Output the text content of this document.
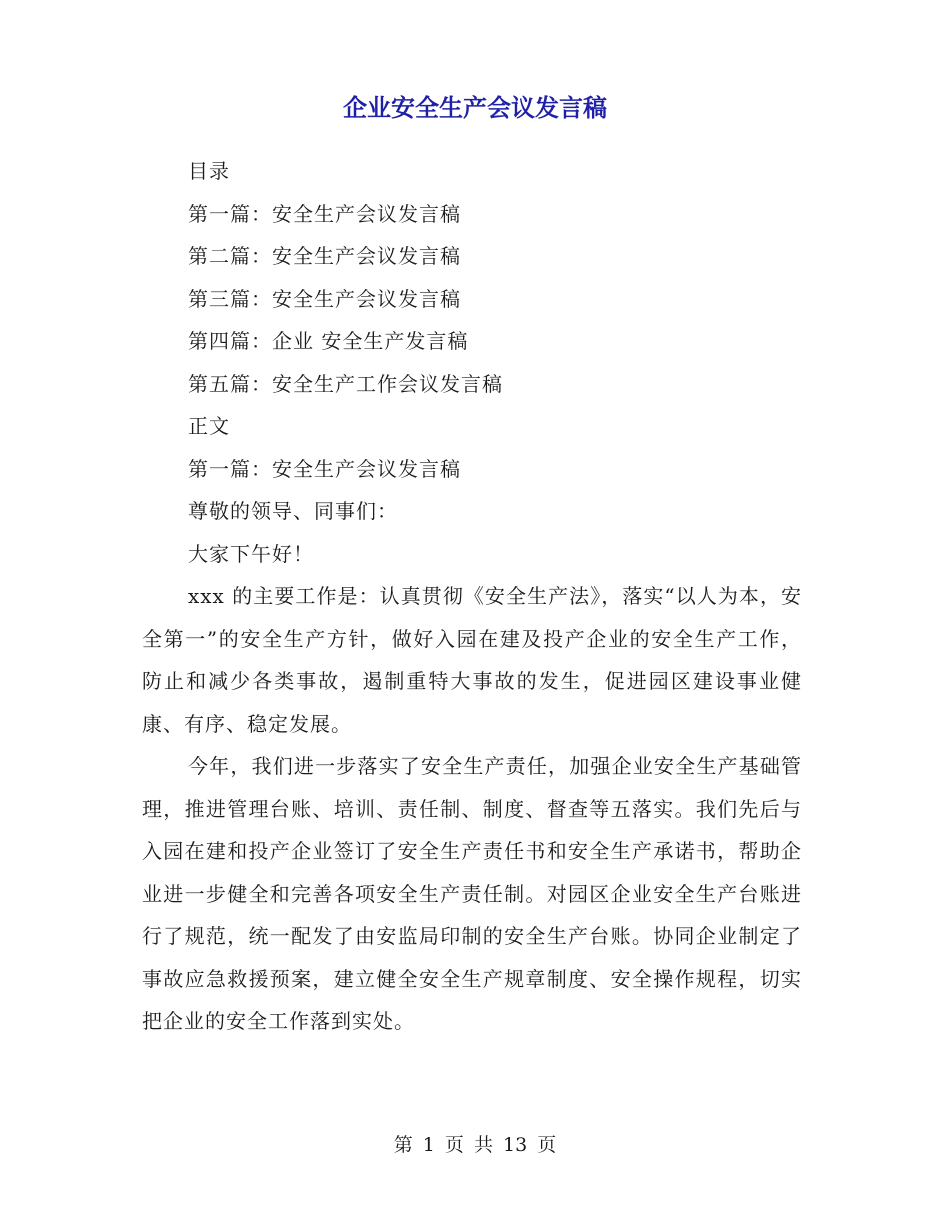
企业安全生产会议发言稿
目录
第一篇：安全生产会议发言稿
第二篇：安全生产会议发言稿
第三篇：安全生产会议发言稿
第四篇：企业 安全生产发言稿
第五篇：安全生产工作会议发言稿
正文
第一篇：安全生产会议发言稿
尊敬的领导、同事们：
大家下午好！

xxx 的主要工作是：认真贯彻《安全生产法》，落实“以人为本，安全第一”的安全生产方针，做好入园在建及投产企业的安全生产工作，防止和减少各类事故，遏制重特大事故的发生，促进园区建设事业健康、有序、稳定发展。

今年，我们进一步落实了安全生产责任，加强企业安全生产基础管理，推进管理台账、培训、责任制、制度、督查等五落实。我们先后与入园在建和投产企业签订了安全生产责任书和安全生产承诺书，帮助企业进一步健全和完善各项安全生产责任制。对园区企业安全生产台账进行了规范，统一配发了由安监局印制的安全生产台账。协同企业制定了事故应急救援预案，建立健全安全生产规章制度、安全操作规程，切实把企业的安全工作落到实处。

第 1 页 共 13 页
